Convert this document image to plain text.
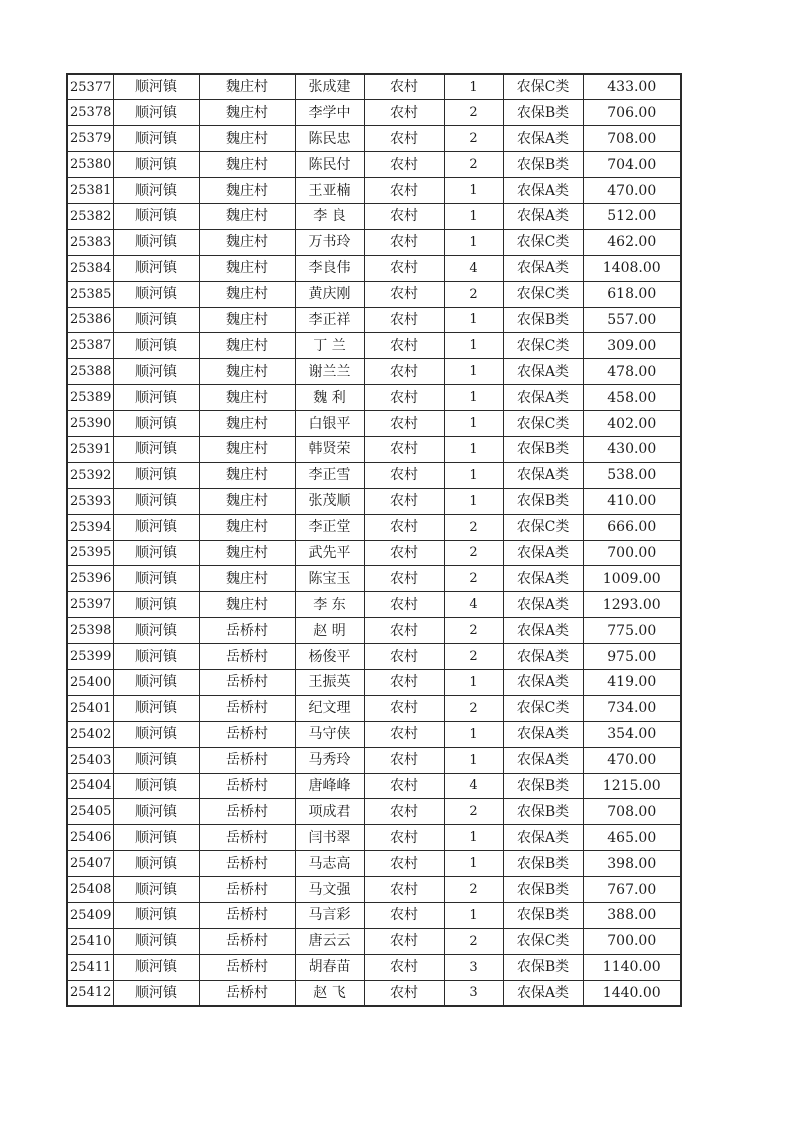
25377	顺河镇	魏庄村	张成建	农村	1	农保C类	433.00
25378	顺河镇	魏庄村	李学中	农村	2	农保B类	706.00
25379	顺河镇	魏庄村	陈民忠	农村	2	农保A类	708.00
25380	顺河镇	魏庄村	陈民付	农村	2	农保B类	704.00
25381	顺河镇	魏庄村	王亚楠	农村	1	农保A类	470.00
25382	顺河镇	魏庄村	李良	农村	1	农保A类	512.00
25383	顺河镇	魏庄村	万书玲	农村	1	农保C类	462.00
25384	顺河镇	魏庄村	李良伟	农村	4	农保A类	1408.00
25385	顺河镇	魏庄村	黄庆刚	农村	2	农保C类	618.00
25386	顺河镇	魏庄村	李正祥	农村	1	农保B类	557.00
25387	顺河镇	魏庄村	丁兰	农村	1	农保C类	309.00
25388	顺河镇	魏庄村	谢兰兰	农村	1	农保A类	478.00
25389	顺河镇	魏庄村	魏利	农村	1	农保A类	458.00
25390	顺河镇	魏庄村	白银平	农村	1	农保C类	402.00
25391	顺河镇	魏庄村	韩贤荣	农村	1	农保B类	430.00
25392	顺河镇	魏庄村	李正雪	农村	1	农保A类	538.00
25393	顺河镇	魏庄村	张茂顺	农村	1	农保B类	410.00
25394	顺河镇	魏庄村	李正堂	农村	2	农保C类	666.00
25395	顺河镇	魏庄村	武先平	农村	2	农保A类	700.00
25396	顺河镇	魏庄村	陈宝玉	农村	2	农保A类	1009.00
25397	顺河镇	魏庄村	李东	农村	4	农保A类	1293.00
25398	顺河镇	岳桥村	赵明	农村	2	农保A类	775.00
25399	顺河镇	岳桥村	杨俊平	农村	2	农保A类	975.00
25400	顺河镇	岳桥村	王振英	农村	1	农保A类	419.00
25401	顺河镇	岳桥村	纪文理	农村	2	农保C类	734.00
25402	顺河镇	岳桥村	马守侠	农村	1	农保A类	354.00
25403	顺河镇	岳桥村	马秀玲	农村	1	农保A类	470.00
25404	顺河镇	岳桥村	唐峰峰	农村	4	农保B类	1215.00
25405	顺河镇	岳桥村	项成君	农村	2	农保B类	708.00
25406	顺河镇	岳桥村	闫书翠	农村	1	农保A类	465.00
25407	顺河镇	岳桥村	马志高	农村	1	农保B类	398.00
25408	顺河镇	岳桥村	马文强	农村	2	农保B类	767.00
25409	顺河镇	岳桥村	马言彩	农村	1	农保B类	388.00
25410	顺河镇	岳桥村	唐云云	农村	2	农保C类	700.00
25411	顺河镇	岳桥村	胡春苗	农村	3	农保B类	1140.00
25412	顺河镇	岳桥村	赵飞	农村	3	农保A类	1440.00
